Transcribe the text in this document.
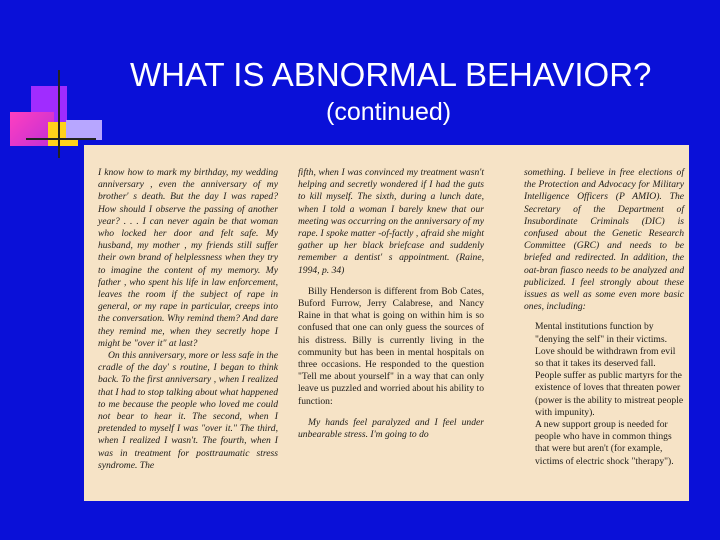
WHAT IS ABNORMAL BEHAVIOR?
(continued)

I know how to mark my birthday, my wedding anniversary , even the anniversary of my brother' s death. But the day I was raped? How should I observe the passing of another year? . . . I can never again be that woman who locked her door and felt safe. My husband, my mother , my friends still suffer their own brand of helplessness when they try to imagine the content of my memory. My father , who spent his life in law enforcement, leaves the room if the subject of rape in general, or my rape in particular, creeps into the conversation. Why remind them? And dare they remind me, when they secretly hope I might be "over it" at last?

On this anniversary, more or less safe in the cradle of the day' s routine, I began to think back. To the first anniversary , when I realized that I had to stop talking about what happened to me because the people who loved me could not bear to hear it. The second, when I pretended to myself I was "over it." The third, when I realized I wasn't. The fourth, when I was in treatment for posttraumatic stress syndrome. The

fifth, when I was convinced my treatment wasn't helping and secretly wondered if I had the guts to kill myself. The sixth, during a lunch date, when I told a woman I barely knew that our meeting was occurring on the anniversary of my rape. I spoke matter -of-factly , afraid she might gather up her black briefcase and suddenly remember a dentist' s appointment. (Raine, 1994, p. 34)

Billy Henderson is different from Bob Cates, Buford Furrow, Jerry Calabrese, and Nancy Raine in that what is going on within him is so confused that one can only guess the sources of his distress. Billy is currently living in the community but has been in mental hospitals on three occasions. He responded to the question "Tell me about yourself" in a way that can only leave us puzzled and worried about his ability to function:

My hands feel paralyzed and I feel under unbearable stress. I'm going to do

something. I believe in free elections of the Protection and Advocacy for Military Intelligence Officers (P AMIO). The Secretary of the Department of Insubordinate Criminals (DIC) is confused about the Genetic Research Committee (GRC) and needs to be briefed and redirected. In addition, the oat-bran fiasco needs to be analyzed and publicized. I feel strongly about these issues as well as some even more basic ones, including:

Mental institutions function by "denying the self" in their victims. Love should be withdrawn from evil so that it takes its deserved fall. People suffer as public martyrs for the existence of loves that threaten power (power is the ability to mistreat people with impunity).

A new support group is needed for people who have in common things that were but aren't (for example, victims of electric shock "therapy").
